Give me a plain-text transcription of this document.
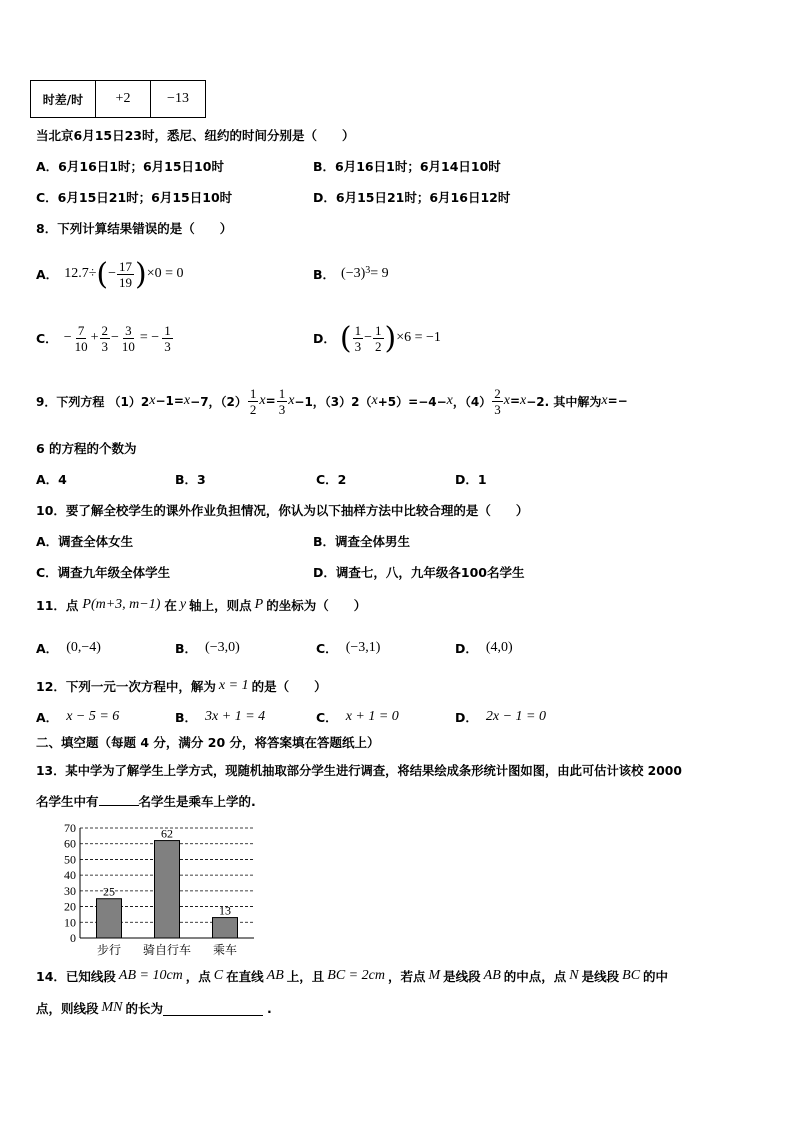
时差/时	+2	−13
当北京6月15日23时，悉尼、纽约的时间分别是（　　）
A．6月16日1时；6月15日10时	B．6月16日1时；6月14日10时
C．6月15日21时；6月15日10时	D．6月15日21时；6月16日12时
8．下列计算结果错误的是（　　）
A． 12.7÷ ( − $\frac{17}{19}$ ) ×0 = 0	B． $(-3)^3 = 9$
C． − $\frac{7}{10} + \frac{2}{3} - \frac{3}{10}$ = − $\frac{1}{3}$	D． ( $\frac{1}{3} - \frac{1}{2}$ ) ×6 = −1
9．下列方程 （1）2 x −1= x −7，$(2) \frac{1}{2}$ $x = \frac{1}{3}$ x −1，（3）2（ x +5）=−4− x ，$(4) \frac{2}{3}$ x = x −2. 其中解为 x =−
6 的方程的个数为
A．4	B．3	C．2	D．1
10．要了解全校学生的课外作业负担情况，你认为以下抽样方法中比较合理的是（　　）
A．调查全体女生	B．调查全体男生
C．调查九年级全体学生	D．调查七，八，九年级各100名学生
11．点 P(m+3, m−1) 在 y 轴上，则点 P 的坐标为（　　）
A． (0,−4)	B． (−3,0)	C． (−3,1)	D． (4,0)
12．下列一元一次方程中，解为 x = 1 的是（　　）
A． x − 5 = 6	B． 3x + 1 = 4	C． x + 1 = 0	D． 2x − 1 = 0
二、填空题（每题 4 分，满分 20 分，将答案填在答题纸上）
13．某中学为了解学生上学方式，现随机抽取部分学生进行调查，将结果绘成条形统计图如图，由此可估计该校 2000
名学生中有	名学生是乘车上学的.
0
10
20
30
40
50
60
70
25
62
13
步行 骑自行车 乘车
14．已知线段 AB = 10cm ，点 C 在直线 AB 上，且 BC = 2cm ，若点 M 是线段 AB 的中点，点 N 是线段 BC 的中
点，则线段 MN 的长为	.
